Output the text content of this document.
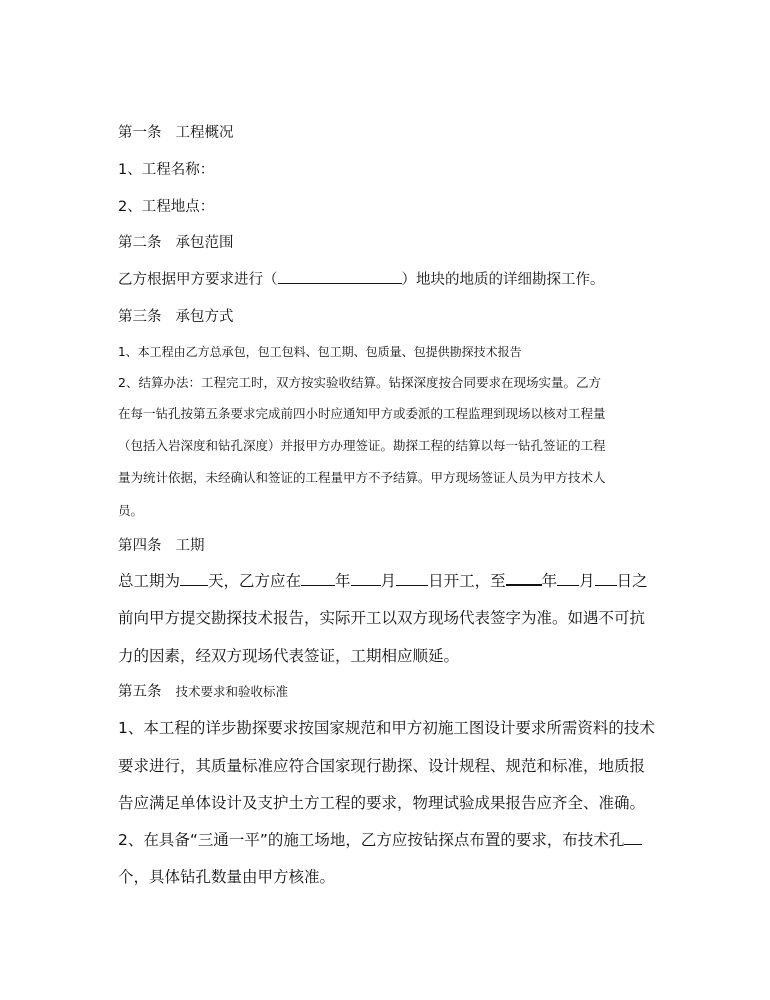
第一条 工程概况
1、工程名称：
2、工程地点：
第二条 承包范围
乙方根据甲方要求进行（	）地块的地质的详细勘探工作。
第三条 承包方式
1、本工程由乙方总承包，包工包料、包工期、包质量、包提供勘探技术报告
2、结算办法：工程完工时，双方按实验收结算。钻探深度按合同要求在现场实量。乙方
在每一钻孔按第五条要求完成前四小时应通知甲方或委派的工程监理到现场以核对工程量
（包括入岩深度和钻孔深度）并报甲方办理签证。勘探工程的结算以每一钻孔签证的工程
量为统计依据，未经确认和签证的工程量甲方不予结算。甲方现场签证人员为甲方技术人
员。
第四条 工期
总工期为 天，乙方应在 年 月 日开工，至 年 月 日之
前向甲方提交勘探技术报告，实际开工以双方现场代表签字为准。如遇不可抗
力的因素，经双方现场代表签证，工期相应顺延。
第五条 技术要求和验收标准
1、本工程的详步勘探要求按国家规范和甲方初施工图设计要求所需资料的技术
要求进行，其质量标准应符合国家现行勘探、设计规程、规范和标准，地质报
告应满足单体设计及支护土方工程的要求，物理试验成果报告应齐全、准确。
2、在具备“三通一平”的施工场地，乙方应按钻探点布置的要求，布技术孔
个，具体钻孔数量由甲方核准。
